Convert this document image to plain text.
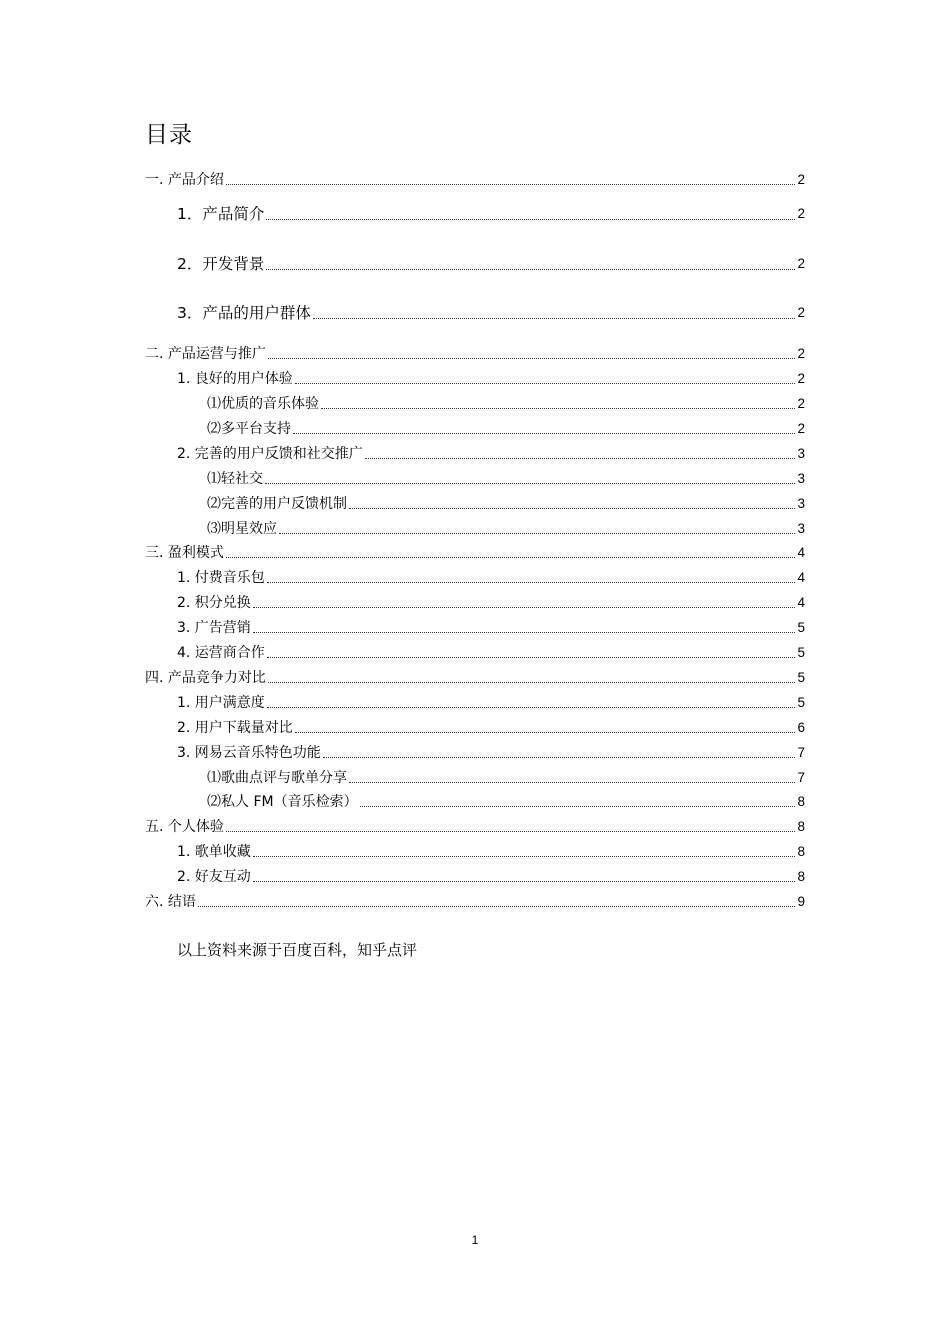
目录
一. 产品介绍	2
1．产品简介	2
2．开发背景	2
3．产品的用户群体	2
二. 产品运营与推广	2
1. 良好的用户体验	2
⑴优质的音乐体验	2
⑵多平台支持	2
2. 完善的用户反馈和社交推广	3
⑴轻社交	3
⑵完善的用户反馈机制	3
⑶明星效应	3
三. 盈利模式	4
1. 付费音乐包	4
2. 积分兑换	4
3. 广告营销	5
4. 运营商合作	5
四. 产品竞争力对比	5
1. 用户满意度	5
2. 用户下载量对比	6
3. 网易云音乐特色功能	7
⑴歌曲点评与歌单分享	7
⑵私人 FM（音乐检索）	8
五. 个人体验	8
1. 歌单收藏	8
2. 好友互动	8
六. 结语	9
以上资料来源于百度百科，知乎点评
1
